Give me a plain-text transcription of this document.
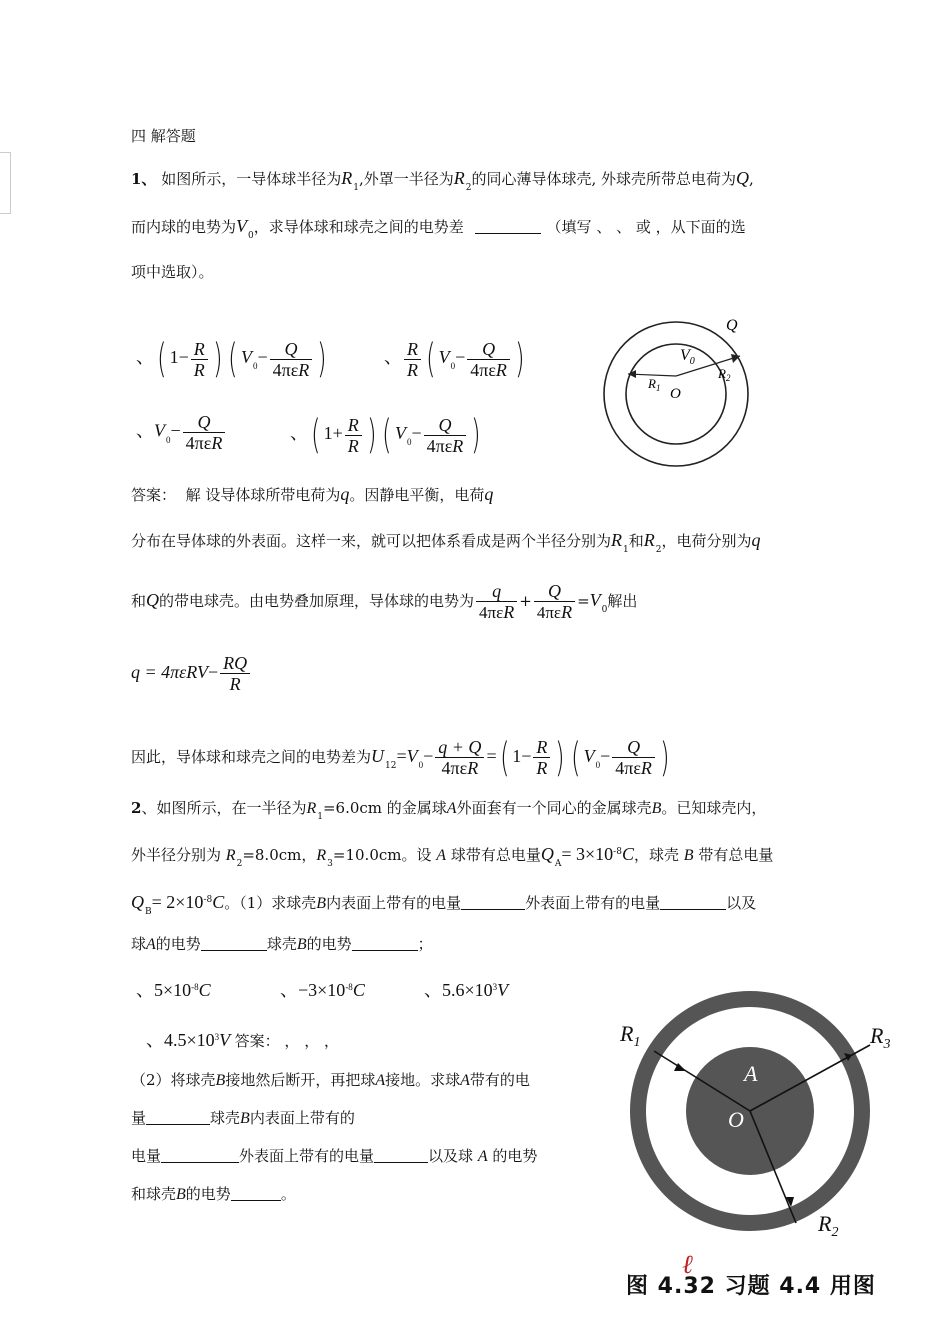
四 解答题
1、 如图所示，一导体球半径为$R_1$,外罩一半径为$R_2$的同心薄导体球壳, 外球壳所带总电荷为Q,
而内球的电势为$V_0$，求导体球和球壳之间的电势差	（填写 、 、 或 ，从下面的选
项中选取）。
、( $1- \frac{R}{R}$ ) ( $V_0- \frac{Q}{\text{4πεR}}$ )	、 $\frac{R}{R}$ ( $V_0- \frac{Q}{\text{4πεR}}$ )
、$V_0- \frac{Q}{\text{4πεR}}$	、( $1+ \frac{R}{R}$ ) ( $V_0- \frac{Q}{\text{4πεR}}$ )
Q
$V_0$
$R_1$ O
$R_2$
答案： 解 设导体球所带电荷为q。因静电平衡，电荷q
分布在导体球的外表面。这样一来，就可以把体系看成是两个半径分别为$R_1$和$R_2$，电荷分别为q
和Q的带电球壳。由电势叠加原理，导体球的电势为 $\frac{q}{\text{4πεR}} + \frac{Q}{\text{4πεR}} =V_0$解出
$q = 4\pi\varepsilon RV- \frac{RQ}{R}$
因此，导体球和球壳之间的电势差为$U_{12}=V_0- \frac{q + Q}{\text{4πεR}}$ =( $1- \frac{R}{R}$ ) ( $V_0- \frac{Q}{\text{4πεR}}$ )
2、如图所示，在一半径为$R_1=6.0cm$ 的金属球A外面套有一个同心的金属球壳B。已知球壳内，
外半径分别为 $R_2=8.0cm$，$R_3=10.0cm$。设 A 球带有总电量$Q_A= 3\times 10^{-8}C$，球壳 B 带有总电量
$Q_B= 2\times 10^{-8}C$。（1）求球壳B内表面上带有的电量	外表面上带有的电量	以及
球A的电势	球壳B的电势	；
、$5\times 10^{-8}C$	、$-3\times 10^{-8}C$	、$5.6\times 10^3V$
、$4.5\times 10^3V$ 答案： ， ， ，
（2）将球壳B接地然后断开，再把球A接地。求球A带有的电
量	球壳B内表面上带有的
电量	外表面上带有的电量	以及球 A 的电势
和球壳B的电势	。
$R_1$	$R_3$
A
O
B
$R_2$
ℓ
图 4.32 习题 4.4 用图
